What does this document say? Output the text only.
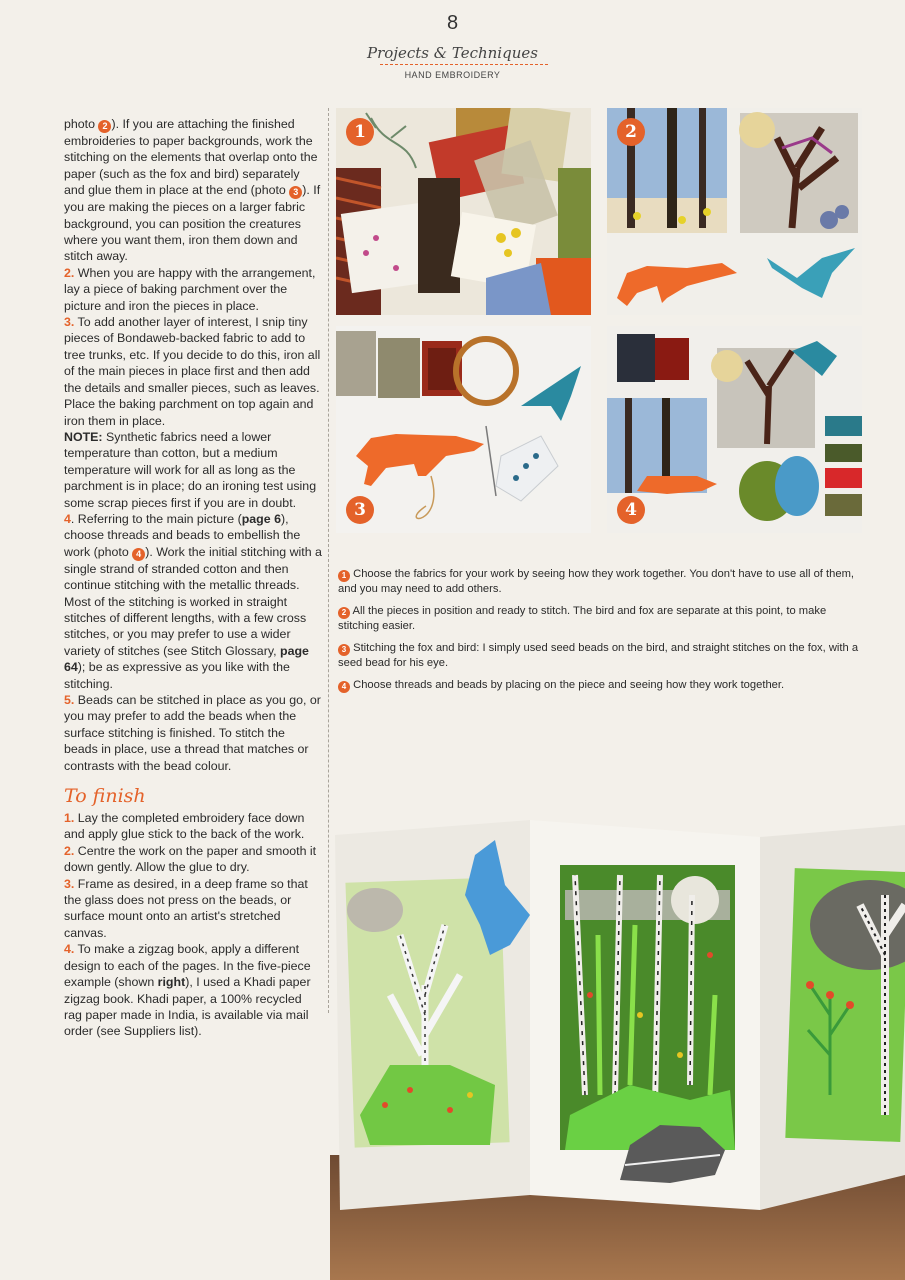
8
Projects & Techniques
HAND EMBROIDERY

photo 2 ). If you are attaching the finished embroideries to paper backgrounds, work the stitching on the elements that overlap onto the paper (such as the fox and bird) separately and glue them in place at the end (photo 3 ). If you are making the pieces on a larger fabric background, you can position the creatures where you want them, iron them down and stitch away.

2. When you are happy with the arrangement, lay a piece of baking parchment over the picture and iron the pieces in place.

3. To add another layer of interest, I snip tiny pieces of Bondaweb-backed fabric to add to tree trunks, etc. If you decide to do this, iron all of the main pieces in place first and then add the details and smaller pieces, such as leaves. Place the baking parchment on top again and iron them in place.

NOTE: Synthetic fabrics need a lower temperature than cotton, but a medium temperature will work for all as long as the parchment is in place; do an ironing test using some scrap pieces first if you are in doubt.

4. Referring to the main picture (page 6), choose threads and beads to embellish the work (photo 4 ). Work the initial stitching with a single strand of stranded cotton and then continue stitching with the metallic threads. Most of the stitching is worked in straight stitches of different lengths, with a few cross stitches, or you may prefer to use a wider variety of stitches (see Stitch Glossary, page 64); be as expressive as you like with the stitching.

5. Beads can be stitched in place as you go, or you may prefer to add the beads when the surface stitching is finished. To stitch the beads in place, use a thread that matches or contrasts with the bead colour.

To finish

1. Lay the completed embroidery face down and apply glue stick to the back of the work.

2. Centre the work on the paper and smooth it down gently. Allow the glue to dry.

3. Frame as desired, in a deep frame so that the glass does not press on the beads, or surface mount onto an artist's stretched canvas.

4. To make a zigzag book, apply a different design to each of the pages. In the five-piece example (shown right), I used a Khadi paper zigzag book. Khadi paper, a 100% recycled rag paper made in India, is available via mail order (see Suppliers list).

1	2
3	4

1 Choose the fabrics for your work by seeing how they work together. You don't have to use all of them, and you may need to add others.

2 All the pieces in position and ready to stitch. The bird and fox are separate at this point, to make stitching easier.

3 Stitching the fox and bird: I simply used seed beads on the bird, and straight stitches on the fox, with a seed bead for his eye.

4 Choose threads and beads by placing on the piece and seeing how they work together.
